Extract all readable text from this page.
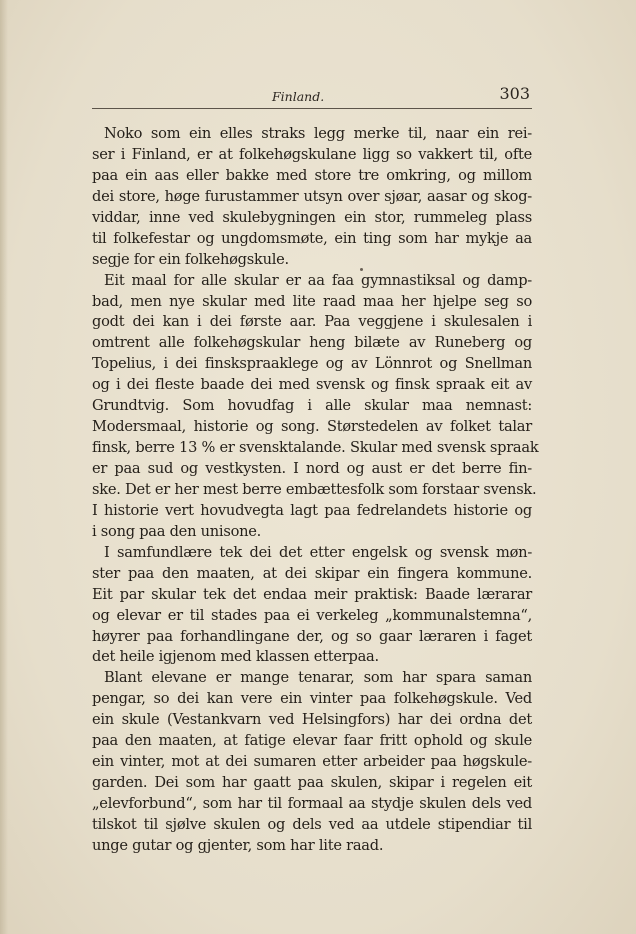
Finland.	303
Noko som ein elles straks legg merke til, naar ein rei-
ser i Finland, er at folkehøgskulane ligg so vakkert til, ofte
paa ein aas eller bakke med store tre omkring, og millom
dei store, høge furustammer utsyn over sjøar, aasar og skog-
viddar, inne ved skulebygningen ein stor, rummeleg plass
til folkefestar og ungdomsmøte, ein ting som har mykje aa
segje for ein folkehøgskule.
Eit maal for alle skular er aa faa gymnastiksal og damp-
bad, men nye skular med lite raad maa her hjelpe seg so
godt dei kan i dei første aar. Paa veggjene i skulesalen i
omtrent alle folkehøgskular heng bilæte av Runeberg og
Topelius, i dei finskspraaklege og av Lönnrot og Snellman
og i dei fleste baade dei med svensk og finsk spraak eit av
Grundtvig. Som hovudfag i alle skular maa nemnast:
Modersmaal, historie og song. Størstedelen av folket talar
finsk, berre 13 % er svensktalande. Skular med svensk spraak
er paa sud og vestkysten. I nord og aust er det berre fin-
ske. Det er her mest berre embættesfolk som forstaar svensk.
I historie vert hovudvegta lagt paa fedrelandets historie og
i song paa den unisone.
I samfundlære tek dei det etter engelsk og svensk møn-
ster paa den maaten, at dei skipar ein fingera kommune.
Eit par skular tek det endaa meir praktisk: Baade lærarar
og elevar er til stades paa ei verkeleg „kommunalstemna“,
høyrer paa forhandlingane der, og so gaar læraren i faget
det heile igjenom med klassen etterpaa.
Blant elevane er mange tenarar, som har spara saman
pengar, so dei kan vere ein vinter paa folkehøgskule. Ved
ein skule (Vestankvarn ved Helsingfors) har dei ordna det
paa den maaten, at fatige elevar faar fritt ophold og skule
ein vinter, mot at dei sumaren etter arbeider paa høgskule-
garden. Dei som har gaatt paa skulen, skipar i regelen eit
„elevforbund“, som har til formaal aa stydje skulen dels ved
tilskot til sjølve skulen og dels ved aa utdele stipendiar til
unge gutar og gjenter, som har lite raad.
